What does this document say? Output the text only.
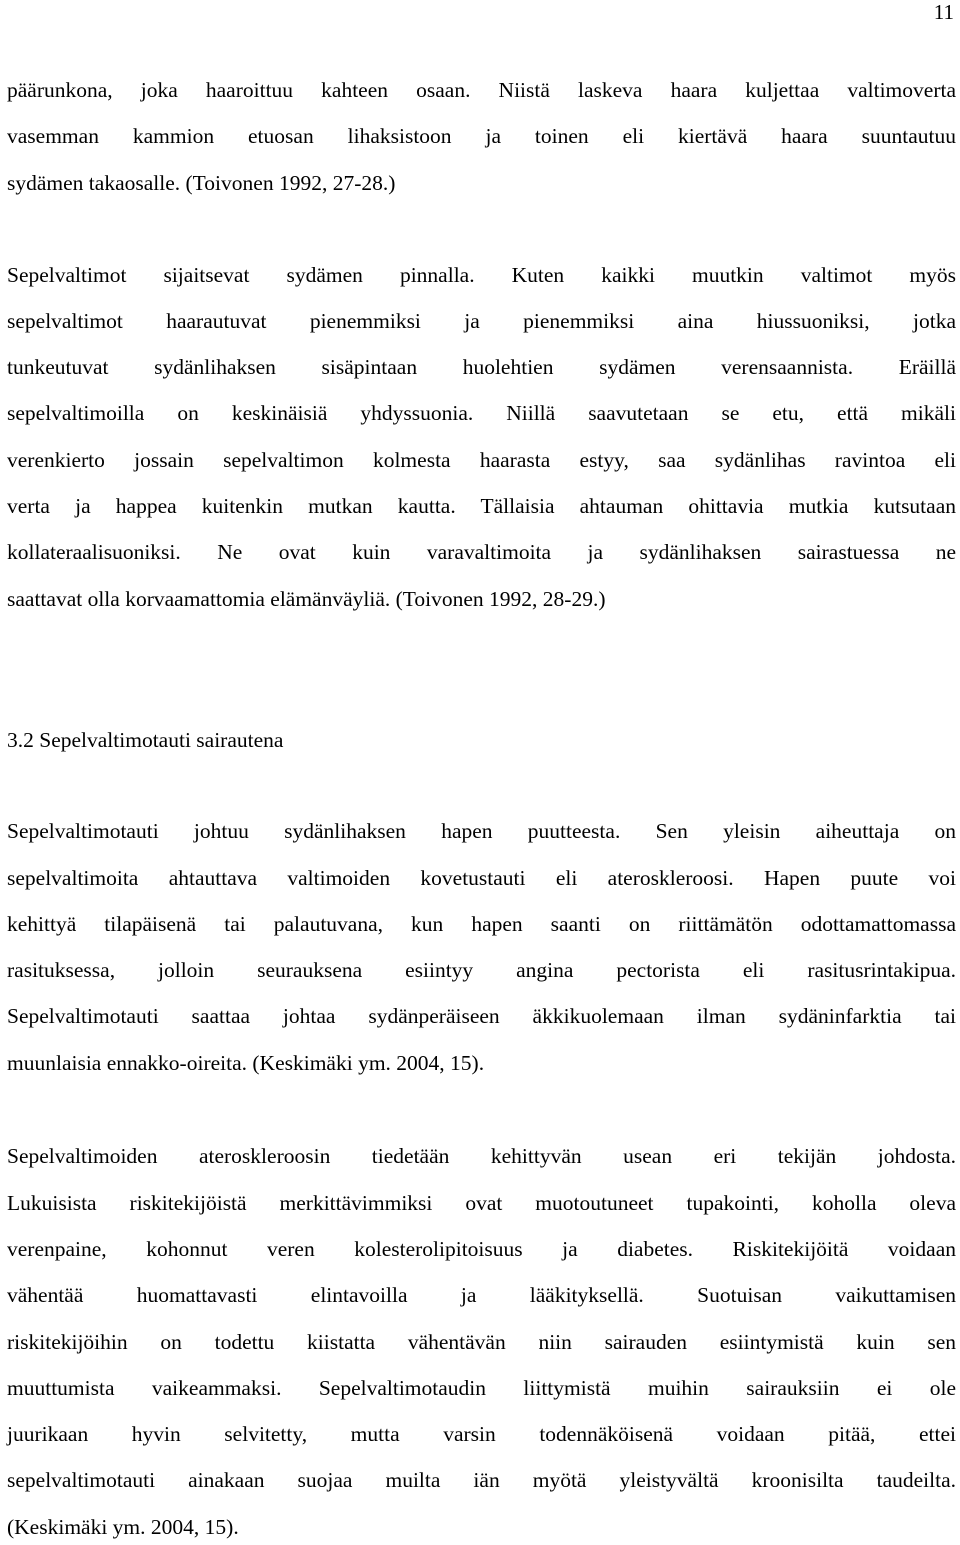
11
päärunkona, joka haaroittuu kahteen osaan. Niistä laskeva haara kuljettaa valtimoverta
vasemman kammion etuosan lihaksistoon ja toinen eli kiertävä haara suuntautuu
sydämen takaosalle. (Toivonen 1992, 27-28.)
Sepelvaltimot sijaitsevat sydämen pinnalla. Kuten kaikki muutkin valtimot myös
sepelvaltimot haarautuvat pienemmiksi ja pienemmiksi aina hiussuoniksi, jotka
tunkeutuvat sydänlihaksen sisäpintaan huolehtien sydämen verensaannista. Eräillä
sepelvaltimoilla on keskinäisiä yhdyssuonia. Niillä saavutetaan se etu, että mikäli
verenkierto jossain sepelvaltimon kolmesta haarasta estyy, saa sydänlihas ravintoa eli
verta ja happea kuitenkin mutkan kautta. Tällaisia ahtauman ohittavia mutkia kutsutaan
kollateraalisuoniksi. Ne ovat kuin varavaltimoita ja sydänlihaksen sairastuessa ne
saattavat olla korvaamattomia elämänväyliä. (Toivonen 1992, 28-29.)
3.2 Sepelvaltimotauti sairautena
Sepelvaltimotauti johtuu sydänlihaksen hapen puutteesta. Sen yleisin aiheuttaja on
sepelvaltimoita ahtauttava valtimoiden kovetustauti eli ateroskleroosi. Hapen puute voi
kehittyä tilapäisenä tai palautuvana, kun hapen saanti on riittämätön odottamattomassa
rasituksessa, jolloin seurauksena esiintyy angina pectorista eli rasitusrintakipua.
Sepelvaltimotauti saattaa johtaa sydänperäiseen äkkikuolemaan ilman sydäninfarktia tai
muunlaisia ennakko-oireita. (Keskimäki ym. 2004, 15).
Sepelvaltimoiden ateroskleroosin tiedetään kehittyvän usean eri tekijän johdosta.
Lukuisista riskitekijöistä merkittävimmiksi ovat muotoutuneet tupakointi, koholla oleva
verenpaine, kohonnut veren kolesterolipitoisuus ja diabetes. Riskitekijöitä voidaan
vähentää huomattavasti elintavoilla ja lääkityksellä. Suotuisan vaikuttamisen
riskitekijöihin on todettu kiistatta vähentävän niin sairauden esiintymistä kuin sen
muuttumista vaikeammaksi. Sepelvaltimotaudin liittymistä muihin sairauksiin ei ole
juurikaan hyvin selvitetty, mutta varsin todennäköisenä voidaan pitää, ettei
sepelvaltimotauti ainakaan suojaa muilta iän myötä yleistyvältä kroonisilta taudeilta.
(Keskimäki ym. 2004, 15).
